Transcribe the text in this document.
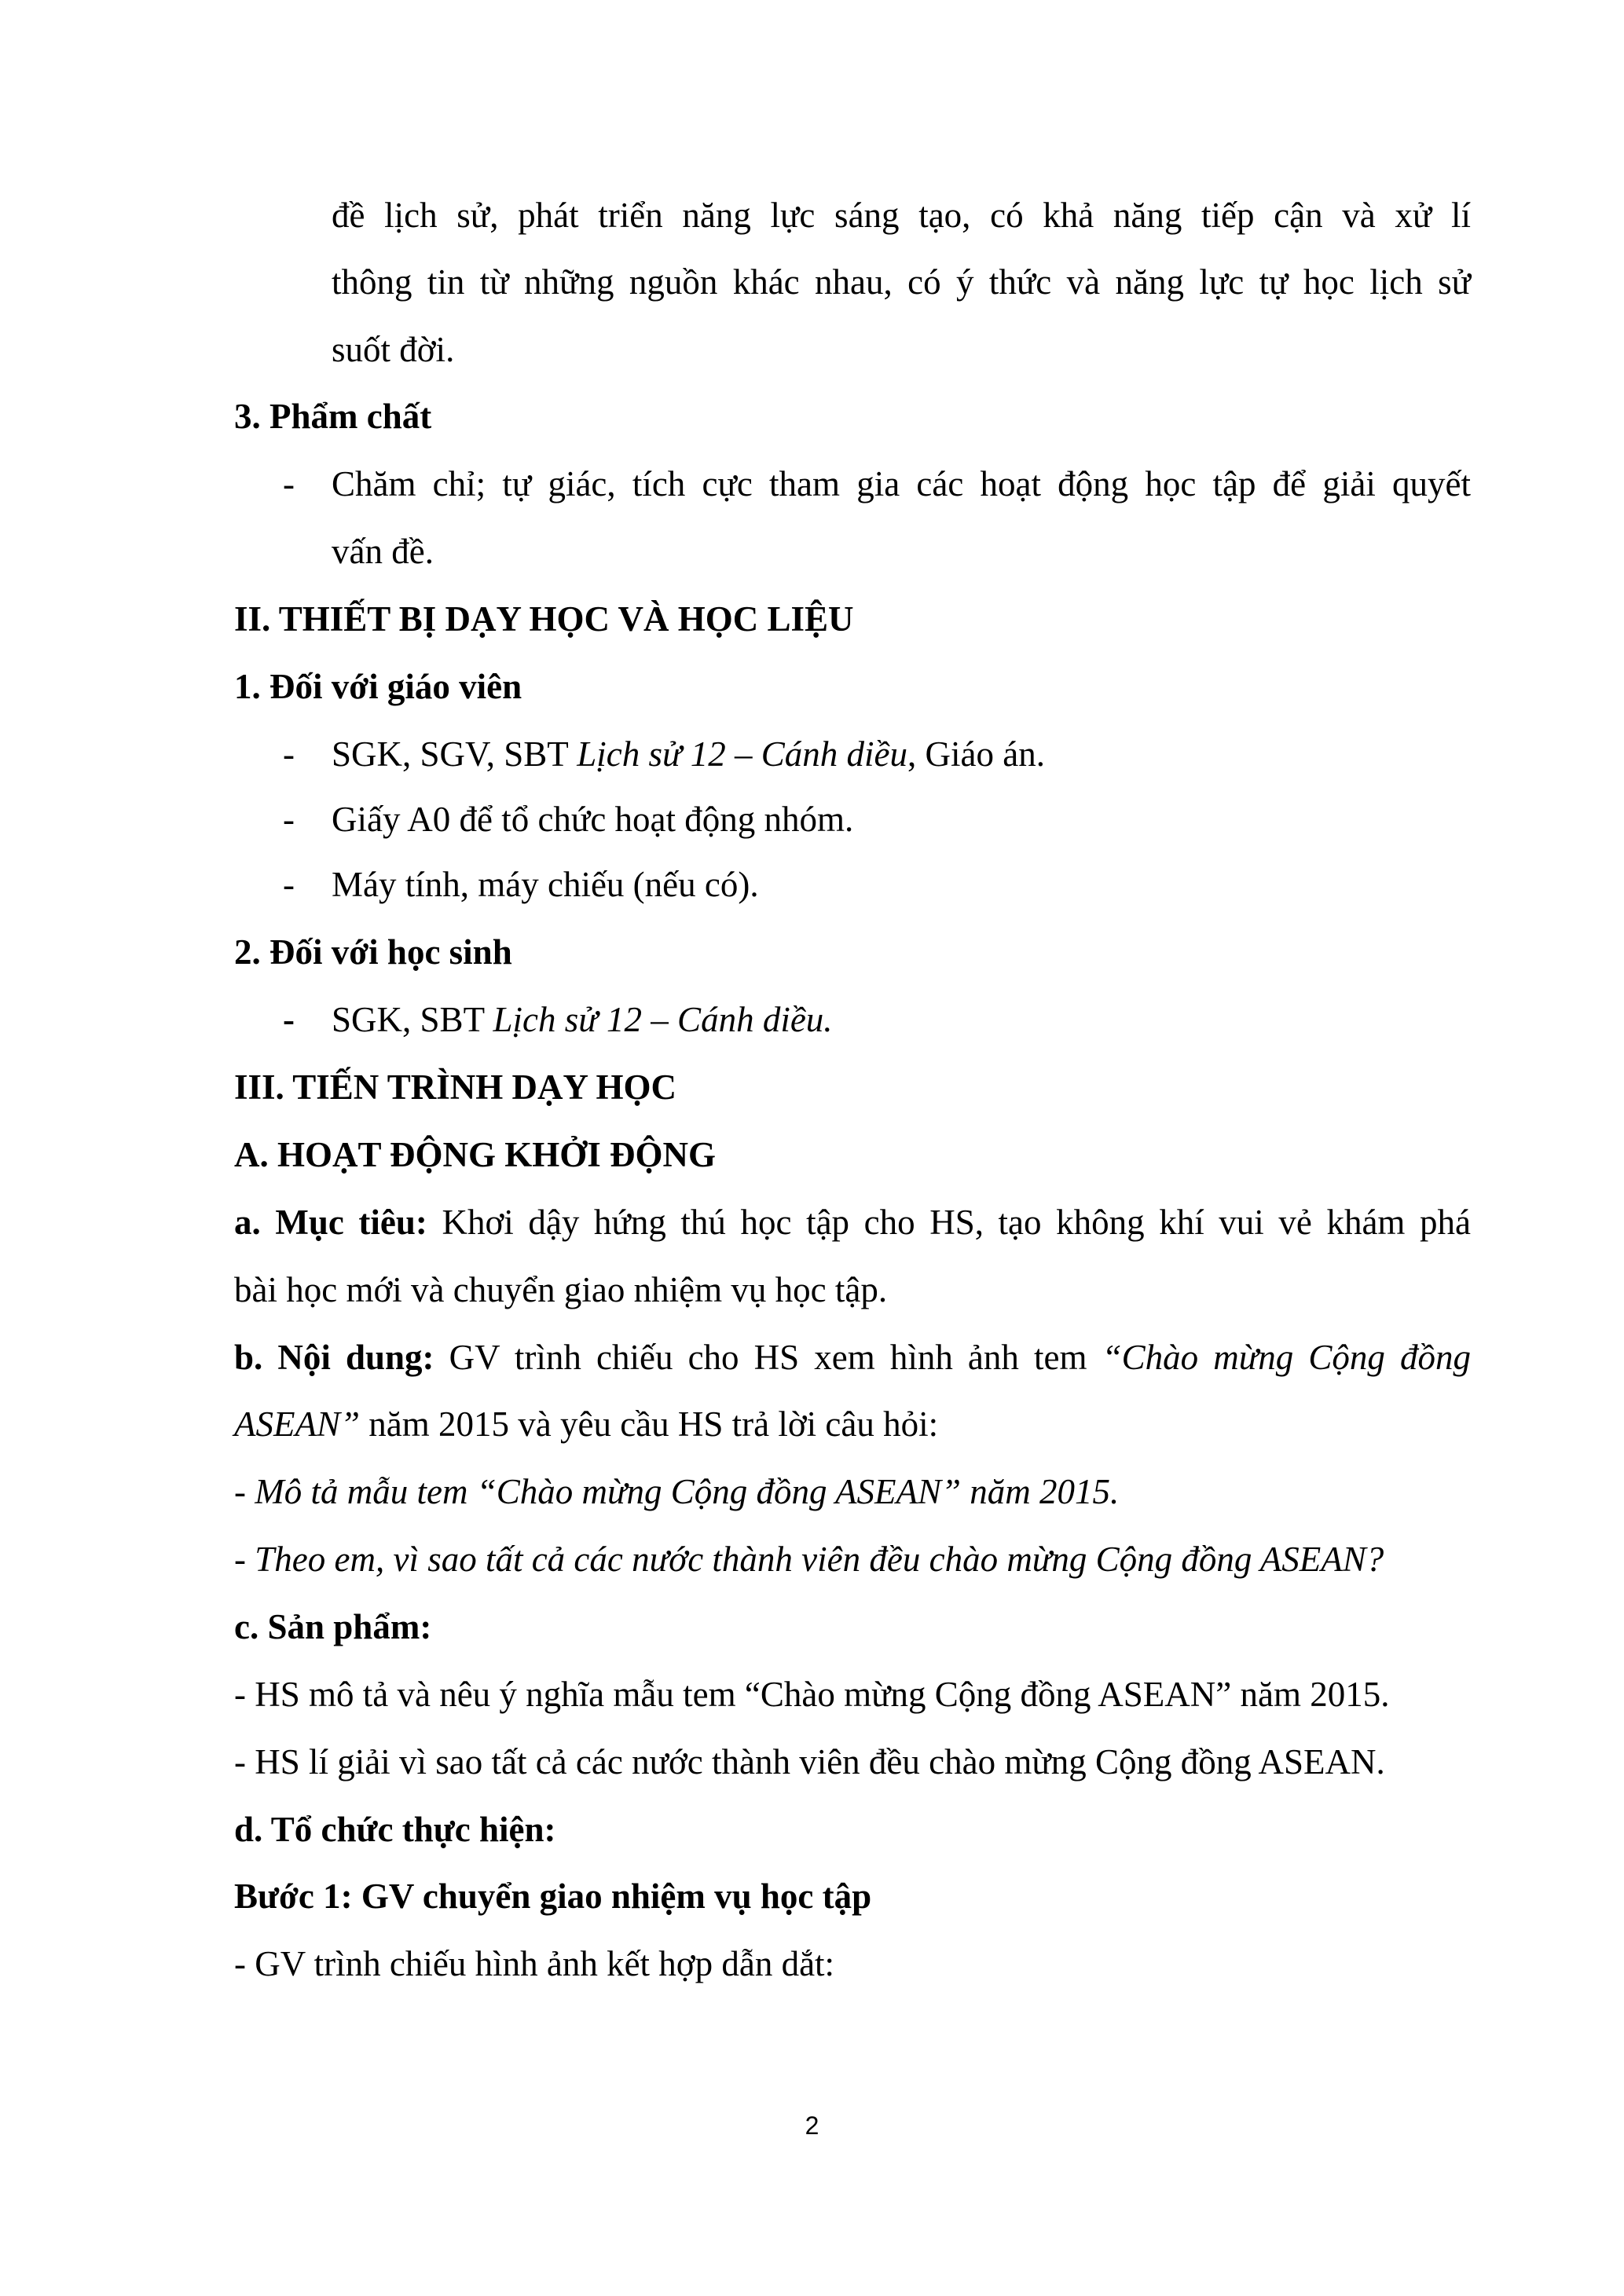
đề lịch sử, phát triển năng lực sáng tạo, có khả năng tiếp cận và xử lí
thông tin từ những nguồn khác nhau, có ý thức và năng lực tự học lịch sử
suốt đời.
3. Phẩm chất
- Chăm chỉ; tự giác, tích cực tham gia các hoạt động học tập để giải quyết
vấn đề.
II. THIẾT BỊ DẠY HỌC VÀ HỌC LIỆU
1. Đối với giáo viên
- SGK, SGV, SBT Lịch sử 12 – Cánh diều, Giáo án.
- Giấy A0 để tổ chức hoạt động nhóm.
- Máy tính, máy chiếu (nếu có).
2. Đối với học sinh
- SGK, SBT Lịch sử 12 – Cánh diều.
III. TIẾN TRÌNH DẠY HỌC
A. HOẠT ĐỘNG KHỞI ĐỘNG
a. Mục tiêu: Khơi dậy hứng thú học tập cho HS, tạo không khí vui vẻ khám phá
bài học mới và chuyển giao nhiệm vụ học tập.
b. Nội dung: GV trình chiếu cho HS xem hình ảnh tem “Chào mừng Cộng đồng
ASEAN” năm 2015 và yêu cầu HS trả lời câu hỏi:
- Mô tả mẫu tem “Chào mừng Cộng đồng ASEAN” năm 2015.
- Theo em, vì sao tất cả các nước thành viên đều chào mừng Cộng đồng ASEAN?
c. Sản phẩm:
- HS mô tả và nêu ý nghĩa mẫu tem “Chào mừng Cộng đồng ASEAN” năm 2015.
- HS lí giải vì sao tất cả các nước thành viên đều chào mừng Cộng đồng ASEAN.
d. Tổ chức thực hiện:
Bước 1: GV chuyển giao nhiệm vụ học tập
- GV trình chiếu hình ảnh kết hợp dẫn dắt:
2
